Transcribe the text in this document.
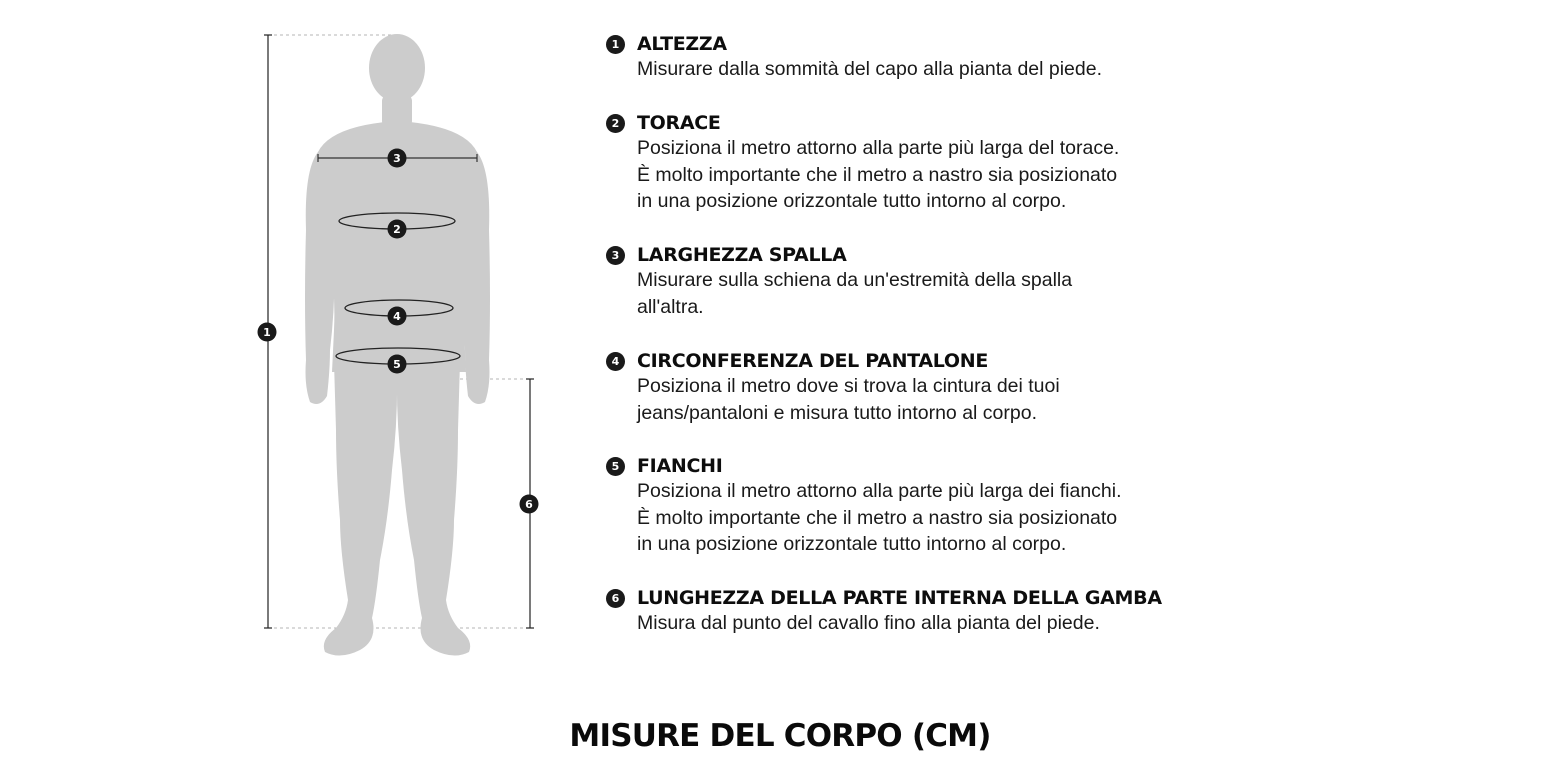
1
3
2
4
5
6
1 ALTEZZA
Misurare dalla sommità del capo alla pianta del piede.
2 TORACE
Posiziona il metro attorno alla parte più larga del torace.
È molto importante che il metro a nastro sia posizionato
in una posizione orizzontale tutto intorno al corpo.
3 LARGHEZZA SPALLA
Misurare sulla schiena da un'estremità della spalla
all'altra.
4 CIRCONFERENZA DEL PANTALONE
Posiziona il metro dove si trova la cintura dei tuoi
jeans/pantaloni e misura tutto intorno al corpo.
5 FIANCHI
Posiziona il metro attorno alla parte più larga dei fianchi.
È molto importante che il metro a nastro sia posizionato
in una posizione orizzontale tutto intorno al corpo.
6 LUNGHEZZA DELLA PARTE INTERNA DELLA GAMBA
Misura dal punto del cavallo fino alla pianta del piede.
MISURE DEL CORPO (CM)
